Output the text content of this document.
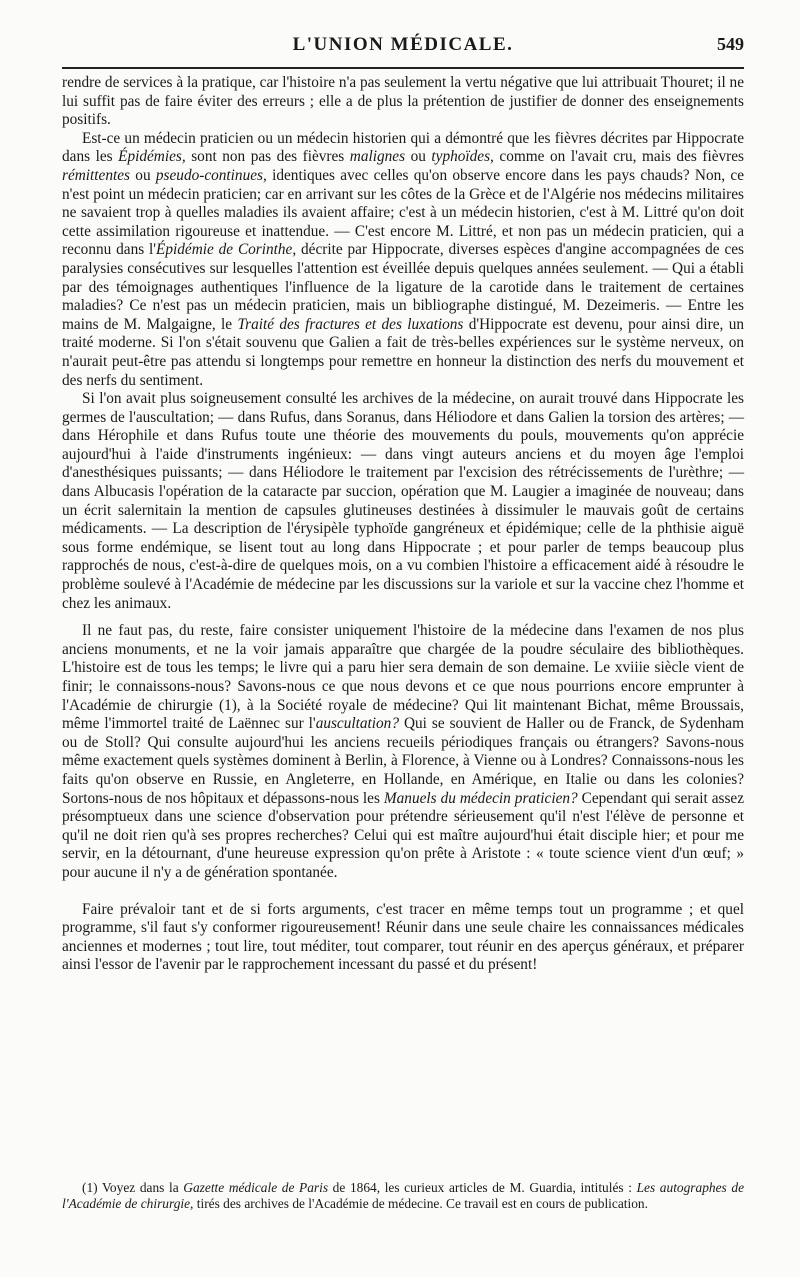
L'UNION MÉDICALE.	549

rendre de services à la pratique, car l'histoire n'a pas seulement la vertu négative que lui attribuait Thouret; il ne lui suffit pas de faire éviter des erreurs ; elle a de plus la prétention de justifier de donner des enseignements positifs.

Est-ce un médecin praticien ou un médecin historien qui a démontré que les fièvres décrites par Hippocrate dans les Épidémies, sont non pas des fièvres malignes ou typhoïdes, comme on l'avait cru, mais des fièvres rémittentes ou pseudo-continues, identiques avec celles qu'on observe encore dans les pays chauds? Non, ce n'est point un médecin praticien; car en arrivant sur les côtes de la Grèce et de l'Algérie nos médecins militaires ne savaient trop à quelles maladies ils avaient affaire; c'est à un médecin historien, c'est à M. Littré qu'on doit cette assimilation rigoureuse et inattendue. — C'est encore M. Littré, et non pas un médecin praticien, qui a reconnu dans l'Épidémie de Corinthe, décrite par Hippocrate, diverses espèces d'angine accompagnées de ces paralysies consécutives sur lesquelles l'attention est éveillée depuis quelques années seulement. — Qui a établi par des témoignages authentiques l'influence de la ligature de la carotide dans le traitement de certaines maladies? Ce n'est pas un médecin praticien, mais un bibliographe distingué, M. Dezeimeris. — Entre les mains de M. Malgaigne, le Traité des fractures et des luxations d'Hippocrate est devenu, pour ainsi dire, un traité moderne. Si l'on s'était souvenu que Galien a fait de très-belles expériences sur le système nerveux, on n'aurait peut-être pas attendu si longtemps pour remettre en honneur la distinction des nerfs du mouvement et des nerfs du sentiment.

Si l'on avait plus soigneusement consulté les archives de la médecine, on aurait trouvé dans Hippocrate les germes de l'auscultation; — dans Rufus, dans Soranus, dans Héliodore et dans Galien la torsion des artères; — dans Hérophile et dans Rufus toute une théorie des mouvements du pouls, mouvements qu'on apprécie aujourd'hui à l'aide d'instruments ingénieux: — dans vingt auteurs anciens et du moyen âge l'emploi d'anesthésiques puissants; — dans Héliodore le traitement par l'excision des rétrécissements de l'urèthre; — dans Albucasis l'opération de la cataracte par succion, opération que M. Laugier a imaginée de nouveau; dans un écrit salernitain la mention de capsules glutineuses destinées à dissimuler le mauvais goût de certains médicaments. — La description de l'érysipèle typhoïde gangréneux et épidémique; celle de la phthisie aiguë sous forme endémique, se lisent tout au long dans Hippocrate ; et pour parler de temps beaucoup plus rapprochés de nous, c'est-à-dire de quelques mois, on a vu combien l'histoire a efficacement aidé à résoudre le problème soulevé à l'Académie de médecine par les discussions sur la variole et sur la vaccine chez l'homme et chez les animaux.

Il ne faut pas, du reste, faire consister uniquement l'histoire de la médecine dans l'examen de nos plus anciens monuments, et ne la voir jamais apparaître que chargée de la poudre séculaire des bibliothèques. L'histoire est de tous les temps; le livre qui a paru hier sera demain de son demaine. Le xviiie siècle vient de finir; le connaissons-nous? Savons-nous ce que nous devons et ce que nous pourrions encore emprunter à l'Académie de chirurgie (1), à la Société royale de médecine? Qui lit maintenant Bichat, même Broussais, même l'immortel traité de Laënnec sur l'auscultation? Qui se souvient de Haller ou de Franck, de Sydenham ou de Stoll? Qui consulte aujourd'hui les anciens recueils périodiques français ou étrangers? Savons-nous même exactement quels systèmes dominent à Berlin, à Florence, à Vienne ou à Londres? Connaissons-nous les faits qu'on observe en Russie, en Angleterre, en Hollande, en Amérique, en Italie ou dans les colonies? Sortons-nous de nos hôpitaux et dépassons-nous les Manuels du médecin praticien? Cependant qui serait assez présomptueux dans une science d'observation pour prétendre sérieusement qu'il n'est l'élève de personne et qu'il ne doit rien qu'à ses propres recherches? Celui qui est maître aujourd'hui était disciple hier; et pour me servir, en la détournant, d'une heureuse expression qu'on prête à Aristote : « toute science vient d'un œuf; » pour aucune il n'y a de génération spontanée.

Faire prévaloir tant et de si forts arguments, c'est tracer en même temps tout un programme ; et quel programme, s'il faut s'y conformer rigoureusement! Réunir dans une seule chaire les connaissances médicales anciennes et modernes ; tout lire, tout méditer, tout comparer, tout réunir en des aperçus généraux, et préparer ainsi l'essor de l'avenir par le rapprochement incessant du passé et du présent!

(1) Voyez dans la Gazette médicale de Paris de 1864, les curieux articles de M. Guardia, intitulés : Les autographes de l'Académie de chirurgie, tirés des archives de l'Académie de médecine. Ce travail est en cours de publication.
